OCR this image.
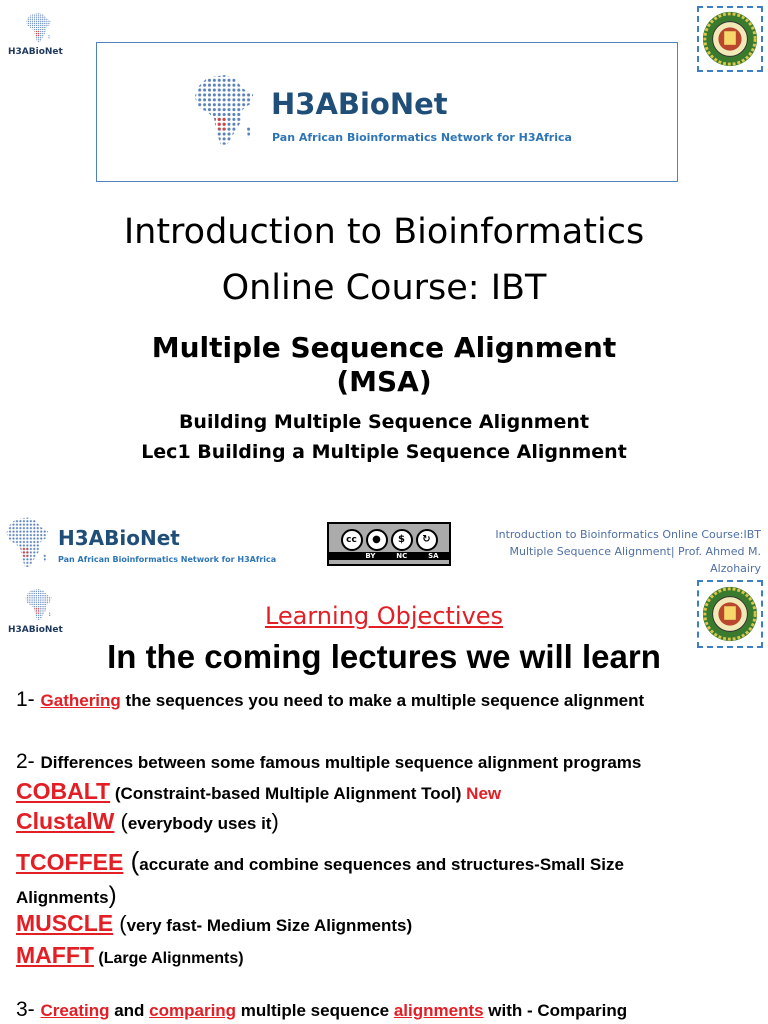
H3ABioNet
H3ABioNet
Pan African Bioinformatics Network for H3Africa
Introduction to Bioinformatics
Online Course: IBT
Multiple Sequence Alignment
(MSA)
Building Multiple Sequence Alignment
Lec1 Building a Multiple Sequence Alignment
H3ABioNet
Pan African Bioinformatics Network for H3Africa
cc	●	$	↻
BY	NC	SA
Introduction to Bioinformatics Online Course:IBT
Multiple Sequence Alignment| Prof. Ahmed M. Alzohairy
H3ABioNet	Learning Objectives
In the coming lectures we will learn
1- Gathering the sequences you need to make a multiple sequence alignment
2- Differences between some famous multiple sequence alignment programs
COBALT (Constraint-based Multiple Alignment Tool) New
ClustalW (everybody uses it)
TCOFFEE (accurate and combine sequences and structures-Small Size
Alignments)
MUSCLE (very fast- Medium Size Alignments)
MAFFT (Large Alignments)
3- Creating and comparing multiple sequence alignments with - Comparing
